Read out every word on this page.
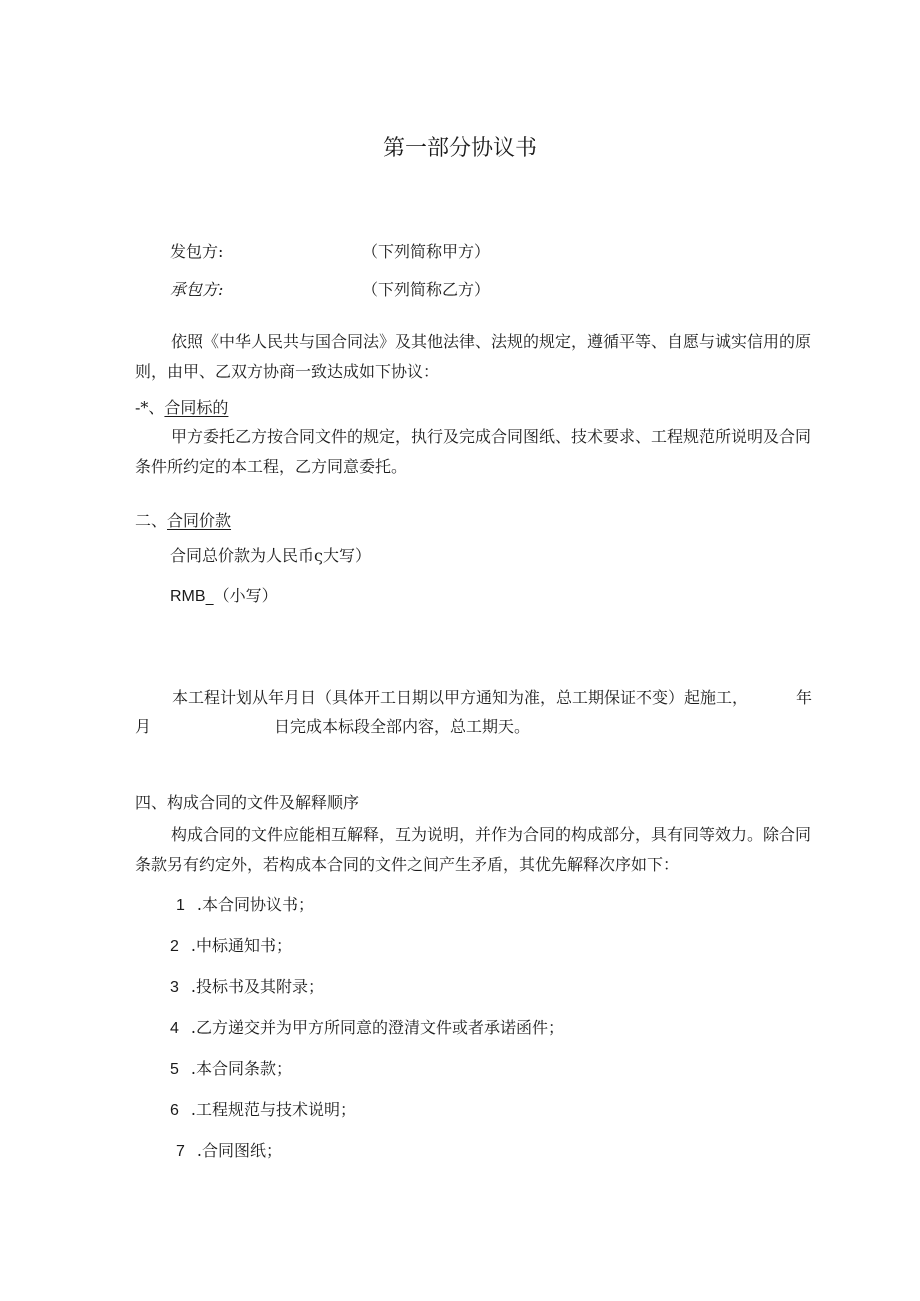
第一部分协议书
发包方:	（下列简称甲方）
承包方:	（下列简称乙方）
依照《中华人民共与国合同法》及其他法律、法规的规定，遵循平等、自愿与诚实信用的原则，由甲、乙双方协商一致达成如下协议：
‑*、合同标的
甲方委托乙方按合同文件的规定，执行及完成合同图纸、技术要求、工程规范所说明及合同条件所约定的本工程，乙方同意委托。
二、合同价款
合同总价款为人民币ς大写）
RMB_（小写）
本工程计划从年月日（具体开工日期以甲方通知为准，总工期保证不变）起施工，	年
月	日完成本标段全部内容，总工期天。
四、构成合同的文件及解释顺序
构成合同的文件应能相互解释，互为说明，并作为合同的构成部分，具有同等效力。除合同条款另有约定外，若构成本合同的文件之间产生矛盾，其优先解释次序如下：
1 .本合同协议书；
2 .中标通知书；
3 .投标书及其附录；
4 .乙方递交并为甲方所同意的澄清文件或者承诺函件；
5 .本合同条款；
6 .工程规范与技术说明；
7 .合同图纸；
